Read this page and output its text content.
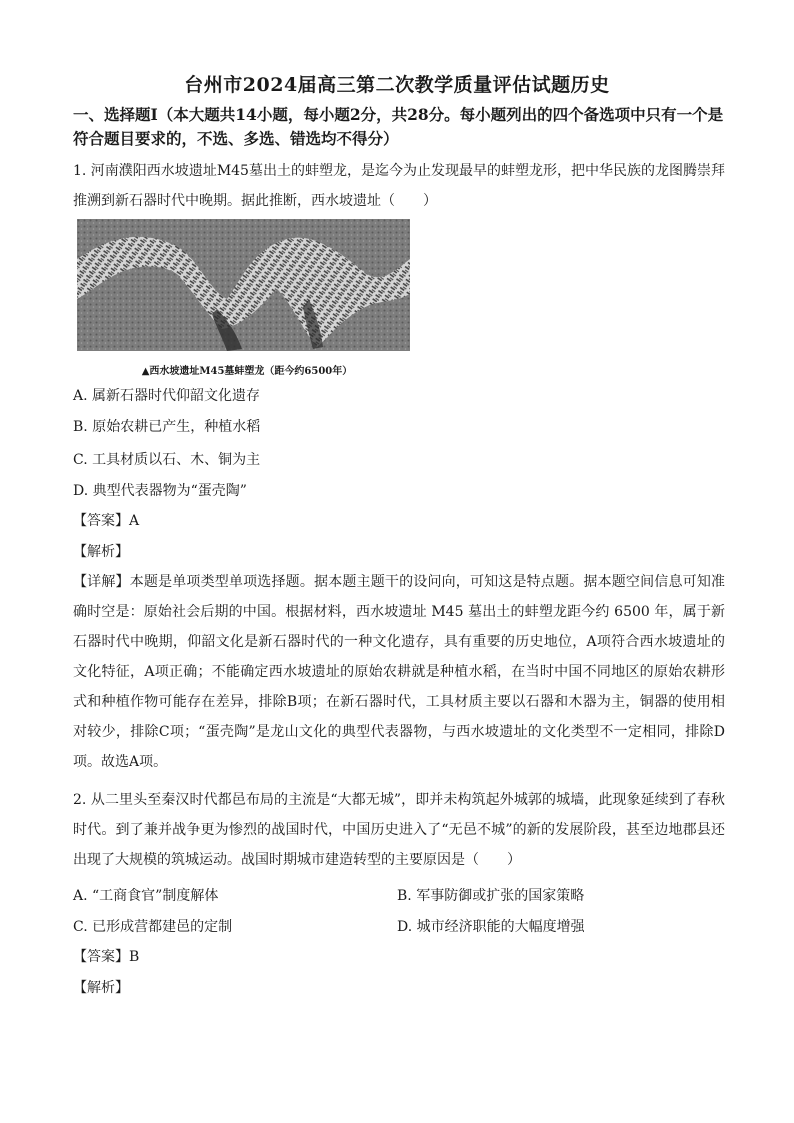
台州市2024届高三第二次教学质量评估试题历史
一、选择题Ⅰ（本大题共14小题，每小题2分，共28分。每小题列出的四个备选项中只有一个是符合题目要求的，不选、多选、错选均不得分）
1. 河南濮阳西水坡遗址M45墓出土的蚌塑龙，是迄今为止发现最早的蚌塑龙形，把中华民族的龙图腾崇拜推溯到新石器时代中晚期。据此推断，西水坡遗址（　　）
▲西水坡遗址M45墓蚌塑龙（距今约6500年）
A. 属新石器时代仰韶文化遗存
B. 原始农耕已产生，种植水稻
C. 工具材质以石、木、铜为主
D. 典型代表器物为“蛋壳陶”
【答案】A
【解析】
【详解】本题是单项类型单项选择题。据本题主题干的设问向，可知这是特点题。据本题空间信息可知准确时空是：原始社会后期的中国。根据材料，西水坡遗址 M45 墓出土的蚌塑龙距今约 6500 年，属于新石器时代中晚期，仰韶文化是新石器时代的一种文化遗存，具有重要的历史地位，A项符合西水坡遗址的文化特征，A项正确；不能确定西水坡遗址的原始农耕就是种植水稻，在当时中国不同地区的原始农耕形式和种植作物可能存在差异，排除B项；在新石器时代，工具材质主要以石器和木器为主，铜器的使用相对较少，排除C项；“蛋壳陶”是龙山文化的典型代表器物，与西水坡遗址的文化类型不一定相同，排除D项。故选A项。
2. 从二里头至秦汉时代都邑布局的主流是“大都无城”，即并未构筑起外城郭的城墙，此现象延续到了春秋时代。到了兼并战争更为惨烈的战国时代，中国历史进入了“无邑不城”的新的发展阶段，甚至边地郡县还出现了大规模的筑城运动。战国时期城市建造转型的主要原因是（　　）
A. “工商食官”制度解体	B. 军事防御或扩张的国家策略
C. 已形成营都建邑的定制	D. 城市经济职能的大幅度增强
【答案】B
【解析】
